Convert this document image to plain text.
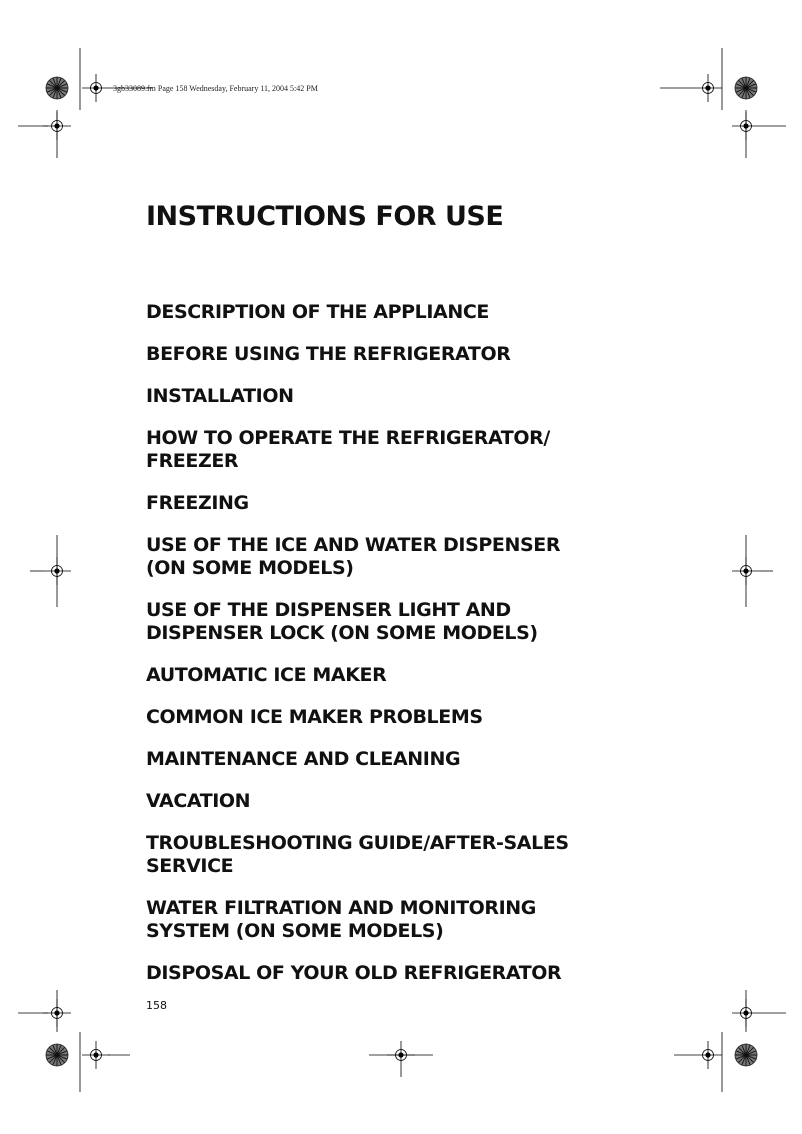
3gb33089.fm Page 158 Wednesday, February 11, 2004 5:42 PM
INSTRUCTIONS FOR USE
DESCRIPTION OF THE APPLIANCE
BEFORE USING THE REFRIGERATOR
INSTALLATION
HOW TO OPERATE THE REFRIGERATOR/
FREEZER
FREEZING
USE OF THE ICE AND WATER DISPENSER
(ON SOME MODELS)
USE OF THE DISPENSER LIGHT AND
DISPENSER LOCK (ON SOME MODELS)
AUTOMATIC ICE MAKER
COMMON ICE MAKER PROBLEMS
MAINTENANCE AND CLEANING
VACATION
TROUBLESHOOTING GUIDE/AFTER-SALES
SERVICE
WATER FILTRATION AND MONITORING
SYSTEM (ON SOME MODELS)
DISPOSAL OF YOUR OLD REFRIGERATOR
158
